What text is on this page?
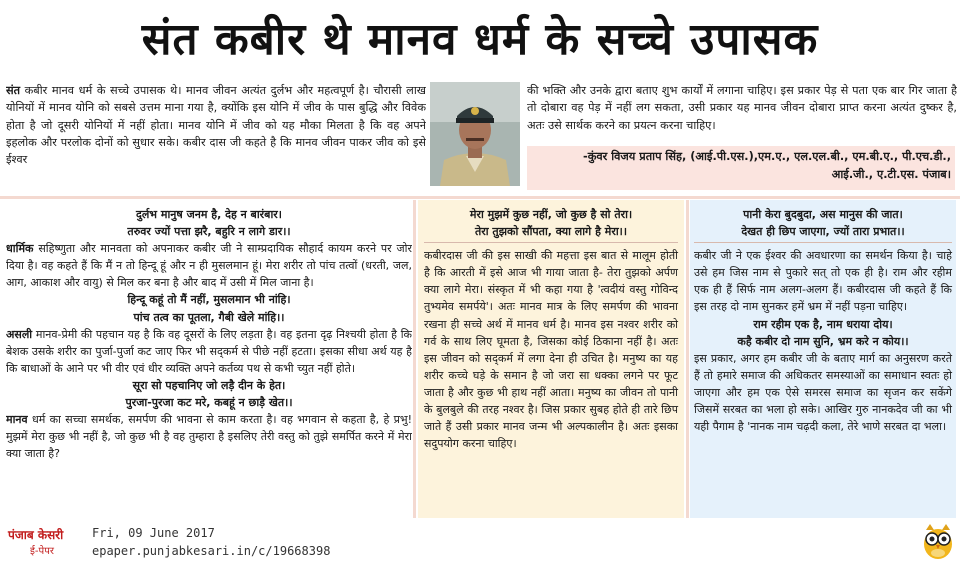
संत कबीर थे मानव धर्म के सच्चे उपासक
संत कबीर मानव धर्म के सच्चे उपासक थे। मानव जीवन अत्यंत दुर्लभ और महत्वपूर्ण है। चौरासी लाख योनियों में मानव योनि को सबसे उत्तम माना गया है, क्योंकि इस योनि में जीव के पास बुद्धि और विवेक होता है जो दूसरी योनियों में नहीं होता। मानव योनि में जीव को यह मौका मिलता है कि वह अपने इहलोक और परलोक दोनों को सुधार सके। कबीर दास जी कहते है कि मानव जीवन पाकर जीव को इसे ईश्वर
की भक्ति और उनके द्वारा बताए शुभ कार्यों में लगाना चाहिए। इस प्रकार पेड़ से पता एक बार गिर जाता है तो दोबारा वह पेड़ में नहीं लग सकता, उसी प्रकार यह मानव जीवन दोबारा प्राप्त करना अत्यंत दुष्कर है, अतः उसे सार्थक करने का प्रयत्न करना चाहिए।
-कुंवर विजय प्रताप सिंह, (आई.पी.एस.),एम.ए., एल.एल.बी., एम.बी.ए., पी.एच.डी.,
आई.जी., ए.टी.एस. पंजाब।
दुर्लभ मानुष जनम है, देह न बारंबार।
तरुवर ज्यों पत्ता झरै, बहुरि न लागे डार।।

धार्मिक सहिष्णुता और मानवता को अपनाकर कबीर जी ने साम्प्रदायिक सौहार्द कायम करने पर जोर दिया है। वह कहते हैं कि मैं न तो हिन्दू हूं और न ही मुसलमान हूं। मेरा शरीर तो पांच तत्वों (धरती, जल, आग, आकाश और वायु) से मिल कर बना है और बाद में उसी में मिल जाना है।

हिन्दू कहूं तो मैं नहीं, मुसलमान भी नांहि।
पांच तत्व का पूतला, गैबी खेले मांहि।।

असली मानव-प्रेमी की पहचान यह है कि वह दूसरों के लिए लड़ता है। वह इतना दृढ़ निश्चयी होता है कि बेशक उसके शरीर का पुर्जा-पुर्जा कट जाए फिर भी सद्कर्म से पीछे नहीं हटता। इसका सीधा अर्थ यह है कि बाधाओं के आने पर भी वीर एवं धीर व्यक्ति अपने कर्तव्य पथ से कभी च्युत नहीं होते।

सूरा सो पहचानिए जो लड़ै दीन के हेत।
पुरजा-पुरजा कट मरे, कबहूं न छाड़ै खेत।।

मानव धर्म का सच्चा समर्थक, समर्पण की भावना से काम करता है। वह भगवान से कहता है, हे प्रभु! मुझमें मेरा कुछ भी नहीं है, जो कुछ भी है वह तुम्हारा है इसलिए तेरी वस्तु को तुझे समर्पित करने में मेरा क्या जाता है?

मेरा मुझमें कुछ नहीं, जो कुछ है सो तेरा।
तेरा तुझको सौंपता, क्या लागे है मेरा।।

कबीरदास जी की इस साखी की महत्ता इस बात से मालूम होती है कि आरती में इसे आज भी गाया जाता है- तेरा तुझको अर्पण क्या लागे मेरा। संस्कृत में भी कहा गया है 'त्वदीयं वस्तु गोविन्द तुभ्यमेव समर्पये'। अतः मानव मात्र के लिए समर्पण की भावना रखना ही सच्चे अर्थ में मानव धर्म है। मानव इस नश्वर शरीर को गर्व के साथ लिए घूमता है, जिसका कोई ठिकाना नहीं है। अतः इस जीवन को सद्कर्म में लगा देना ही उचित है। मनुष्य का यह शरीर कच्चे घड़े के समान है जो जरा सा धक्का लगने पर फूट जाता है और कुछ भी हाथ नहीं आता। मनुष्य का जीवन तो पानी के बुलबुले की तरह नश्वर है। जिस प्रकार सुबह होते ही तारे छिप जाते हैं उसी प्रकार मानव जन्म भी अल्पकालीन है। अतः इसका सदुपयोग करना चाहिए।

पानी केरा बुदबुदा, अस मानुस की जात।
देखत ही छिप जाएगा, ज्यों तारा प्रभात।।

कबीर जी ने एक ईश्वर की अवधारणा का समर्थन किया है। चाहे उसे हम जिस नाम से पुकारे सत् तो एक ही है। राम और रहीम एक ही हैं सिर्फ नाम अलग-अलग हैं। कबीरदास जी कहते हैं कि इस तरह दो नाम सुनकर हमें भ्रम में नहीं पड़ना चाहिए।

राम रहीम एक है, नाम धराया दोय।
कहै कबीर दो नाम सुनि, भ्रम करे न कोय।।

इस प्रकार, अगर हम कबीर जी के बताए मार्ग का अनुसरण करते हैं तो हमारे समाज की अधिकतर समस्याओं का समाधान स्वतः हो जाएगा और हम एक ऐसे समरस समाज का सृजन कर सकेंगे जिसमें सरबत का भला हो सके। आखिर गुरु नानकदेव जी का भी यही पैगाम है 'नानक नाम चढ़दी कला, तेरे भाणे सरबत दा भला।

पंजाब केसरी
ई-पेपर
Fri, 09 June 2017
epaper.punjabkesari.in/c/19668398
